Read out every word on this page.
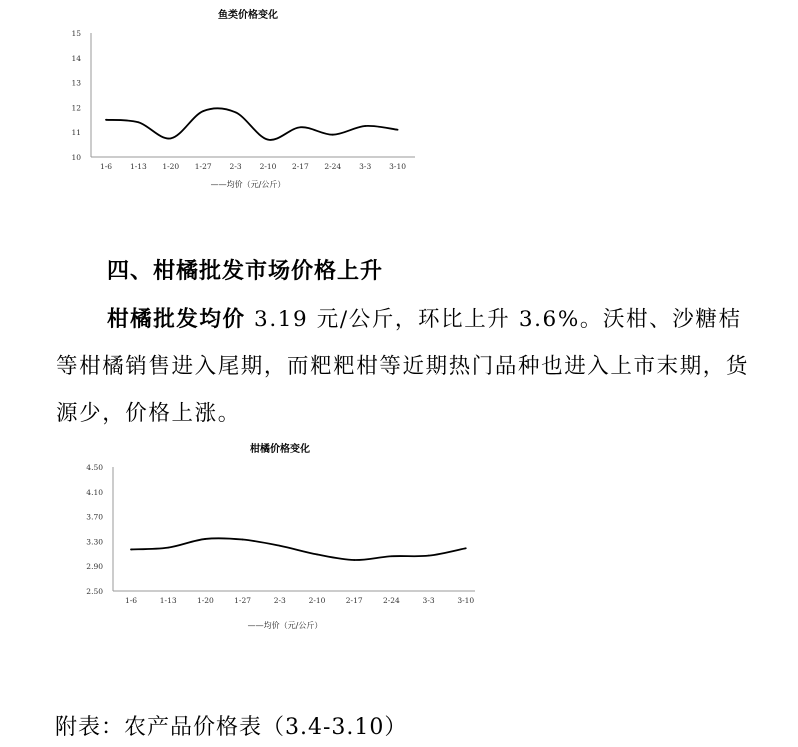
鱼类价格变化
15
14
13
12
11
10
1-6 1-13 1-20 1-27 2-3 2-10 2-17 2-24 3-3 3-10
——均价（元/公斤）
四、柑橘批发市场价格上升

柑橘批发均价 3.19 元/公斤，环比上升 3.6%。沃柑、沙糖桔等柑橘销售进入尾期，而粑粑柑等近期热门品种也进入上市末期，货源少，价格上涨。

柑橘价格变化
4.50
4.10
3.70
3.30
2.90
2.50
1-6	1-13	1-20	1-27	2-3	2-10	2-17	2-24	3-3	3-10
——均价（元/公斤）

附表：农产品价格表（3.4-3.10）
